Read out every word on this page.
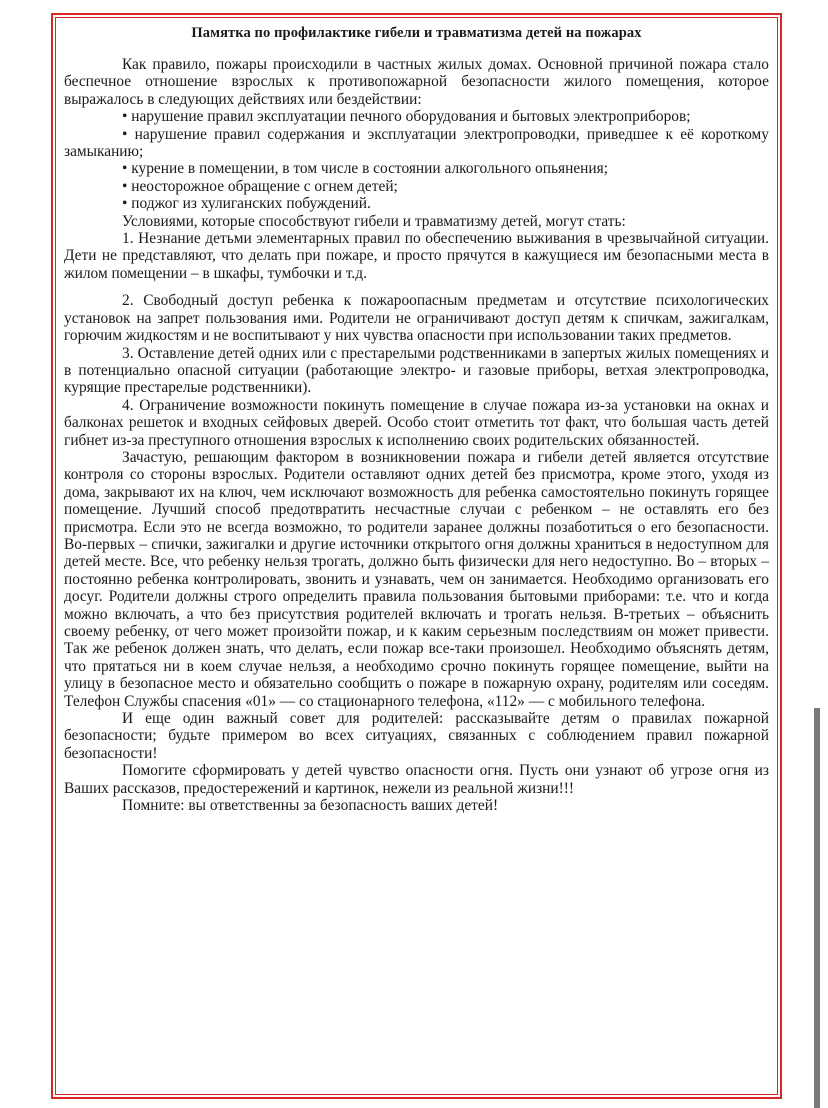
Памятка по профилактике гибели и травматизма детей на пожарах

Как правило, пожары происходили в частных жилых домах. Основной причиной пожара стало беспечное отношение взрослых к противопожарной безопасности жилого помещения, которое выражалось в следующих действиях или бездействии:

• нарушение правил эксплуатации печного оборудования и бытовых электроприборов;

• нарушение правил содержания и эксплуатации электропроводки, приведшее к её короткому замыканию;

• курение в помещении, в том числе в состоянии алкогольного опьянения;

• неосторожное обращение с огнем детей;

• поджог из хулиганских побуждений.

Условиями, которые способствуют гибели и травматизму детей, могут стать:

1. Незнание детьми элементарных правил по обеспечению выживания в чрезвычайной ситуации. Дети не представляют, что делать при пожаре, и просто прячутся в кажущиеся им безопасными места в жилом помещении – в шкафы, тумбочки и т.д.

2. Свободный доступ ребенка к пожароопасным предметам и отсутствие психологических установок на запрет пользования ими. Родители не ограничивают доступ детям к спичкам, зажигалкам, горючим жидкостям и не воспитывают у них чувства опасности при использовании таких предметов.

3. Оставление детей одних или с престарелыми родственниками в запертых жилых помещениях и в потенциально опасной ситуации (работающие электро- и газовые приборы, ветхая электропроводка, курящие престарелые родственники).

4. Ограничение возможности покинуть помещение в случае пожара из-за установки на окнах и балконах решеток и входных сейфовых дверей. Особо стоит отметить тот факт, что большая часть детей гибнет из-за преступного отношения взрослых к исполнению своих родительских обязанностей.

Зачастую, решающим фактором в возникновении пожара и гибели детей является отсутствие контроля со стороны взрослых. Родители оставляют одних детей без присмотра, кроме этого, уходя из дома, закрывают их на ключ, чем исключают возможность для ребенка самостоятельно покинуть горящее помещение. Лучший способ предотвратить несчастные случаи с ребенком – не оставлять его без присмотра. Если это не всегда возможно, то родители заранее должны позаботиться о его безопасности. Во-первых – спички, зажигалки и другие источники открытого огня должны храниться в недоступном для детей месте. Все, что ребенку нельзя трогать, должно быть физически для него недоступно. Во – вторых – постоянно ребенка контролировать, звонить и узнавать, чем он занимается. Необходимо организовать его досуг. Родители должны строго определить правила пользования бытовыми приборами: т.е. что и когда можно включать, а что без присутствия родителей включать и трогать нельзя. В-третьих – объяснить своему ребенку, от чего может произойти пожар, и к каким серьезным последствиям он может привести. Так же ребенок должен знать, что делать, если пожар все-таки произошел. Необходимо объяснять детям, что прятаться ни в коем случае нельзя, а необходимо срочно покинуть горящее помещение, выйти на улицу в безопасное место и обязательно сообщить о пожаре в пожарную охрану, родителям или соседям. Телефон Службы спасения «01» — со стационарного телефона, «112» — с мобильного телефона.

И еще один важный совет для родителей: рассказывайте детям о правилах пожарной безопасности; будьте примером во всех ситуациях, связанных с соблюдением правил пожарной безопасности!

Помогите сформировать у детей чувство опасности огня. Пусть они узнают об угрозе огня из Ваших рассказов, предостережений и картинок, нежели из реальной жизни!!!

Помните: вы ответственны за безопасность ваших детей!
